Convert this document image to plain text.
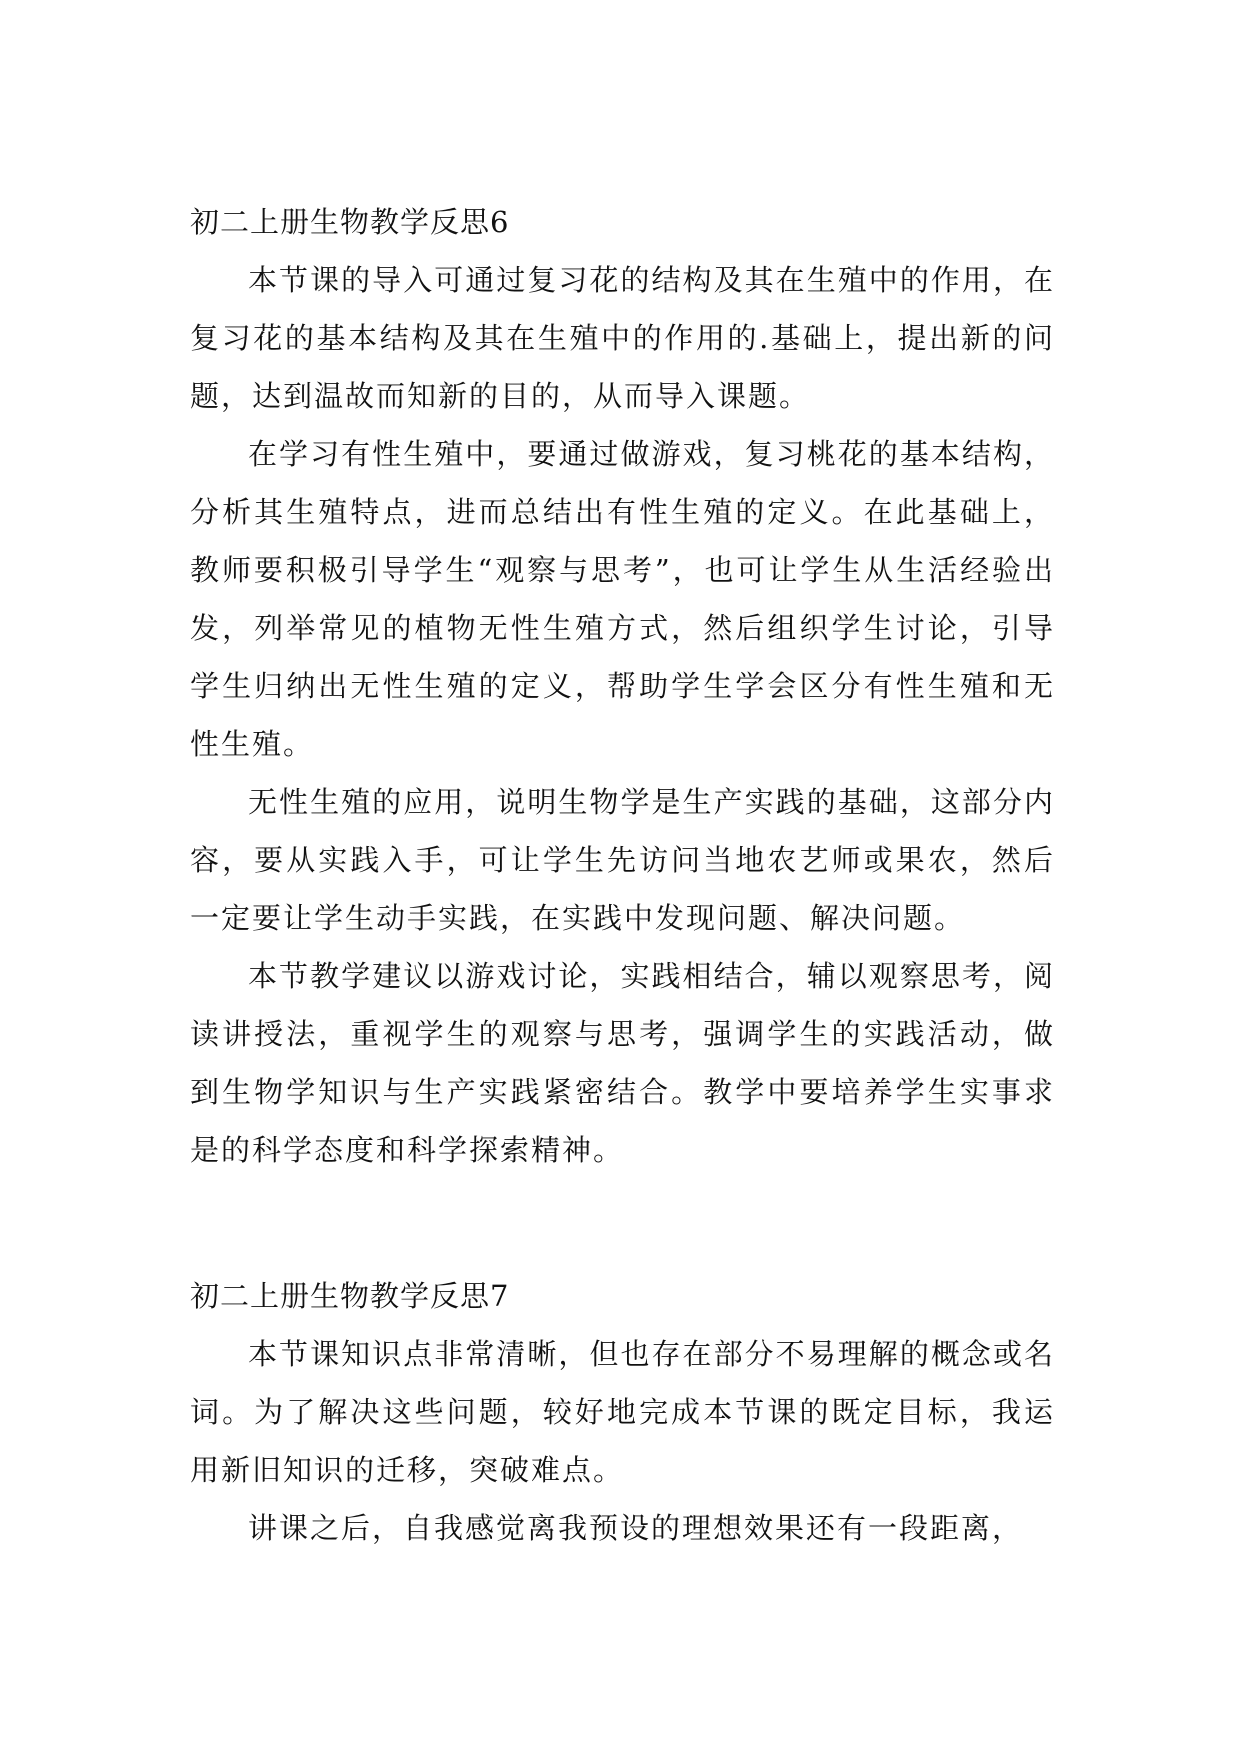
初二上册生物教学反思6

本节课的导入可通过复习花的结构及其在生殖中的作用，在复习花的基本结构及其在生殖中的作用的.基础上，提出新的问题，达到温故而知新的目的，从而导入课题。

在学习有性生殖中，要通过做游戏，复习桃花的基本结构，分析其生殖特点，进而总结出有性生殖的定义。在此基础上，教师要积极引导学生“观察与思考”，也可让学生从生活经验出发，列举常见的植物无性生殖方式，然后组织学生讨论，引导学生归纳出无性生殖的定义，帮助学生学会区分有性生殖和无性生殖。

无性生殖的应用，说明生物学是生产实践的基础，这部分内容，要从实践入手，可让学生先访问当地农艺师或果农，然后一定要让学生动手实践，在实践中发现问题、解决问题。

本节教学建议以游戏讨论，实践相结合，辅以观察思考，阅读讲授法，重视学生的观察与思考，强调学生的实践活动，做到生物学知识与生产实践紧密结合。教学中要培养学生实事求是的科学态度和科学探索精神。

初二上册生物教学反思7

本节课知识点非常清晰，但也存在部分不易理解的概念或名词。为了解决这些问题，较好地完成本节课的既定目标，我运用新旧知识的迁移，突破难点。

讲课之后，自我感觉离我预设的理想效果还有一段距离，
